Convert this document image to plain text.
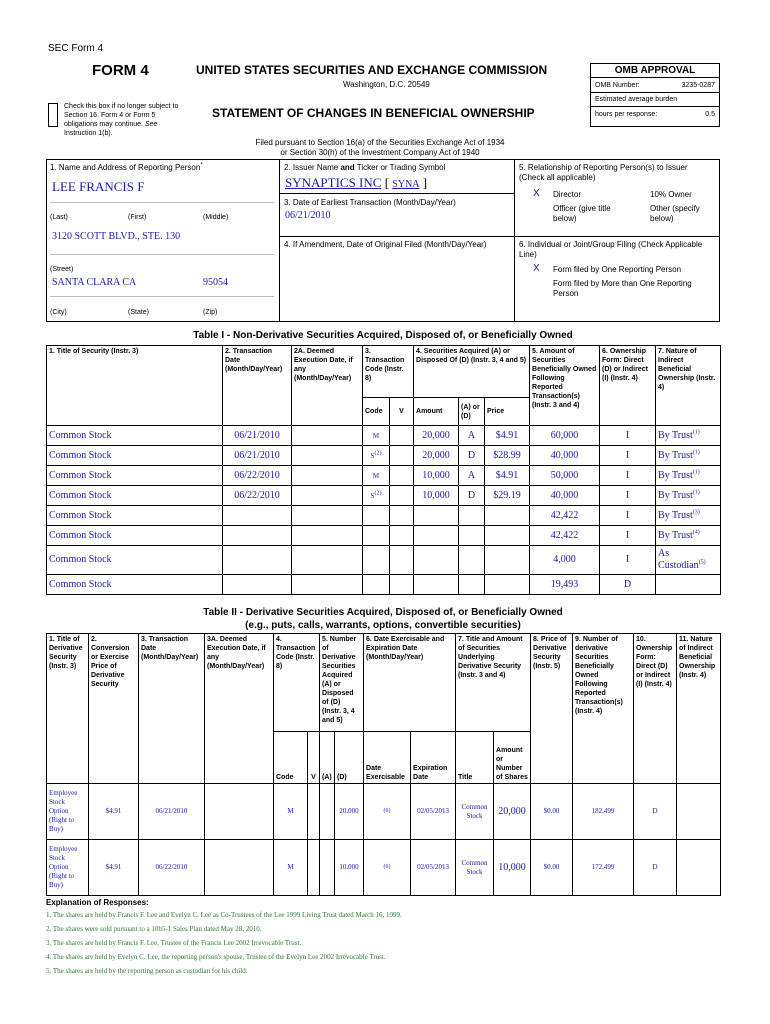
SEC Form 4
FORM 4	UNITED STATES SECURITIES AND EXCHANGE COMMISSION
Washington, D.C. 20549
Check this box if no longer subject to Section 16. Form 4 or Form 5 obligations may continue. See
Instruction 1(b).
STATEMENT OF CHANGES IN BENEFICIAL OWNERSHIP
Filed pursuant to Section 16(a) of the Securities Exchange Act of 1934
or Section 30(h) of the Investment Company Act of 1940
OMB APPROVAL
OMB Number:	3235-0287
Estimated average burden
hours per response:	0.5
1. Name and Address of Reporting Person*
LEE FRANCIS F
(Last)	(First)	(Middle)
3120 SCOTT BLVD., STE. 130
(Street)
SANTA CLARA CA	95054
(City)	(State)	(Zip)
2. Issuer Name and Ticker or Trading Symbol
SYNAPTICS INC [ SYNA ]
3. Date of Earliest Transaction (Month/Day/Year)
06/21/2010
4. If Amendment, Date of Original Filed (Month/Day/Year)
5. Relationship of Reporting Person(s) to Issuer
(Check all applicable)
X Director	10% Owner
Officer (give title below)
Other (specify below)
6. Individual or Joint/Group Filing (Check Applicable Line)
X Form filed by One Reporting Person
Form filed by More than One Reporting Person
Table I - Non-Derivative Securities Acquired, Disposed of, or Beneficially Owned
1. Title of Security (Instr. 3)	2. Transaction Date (Month/Day/Year)	2A. Deemed Execution Date, if any (Month/Day/Year)	3. Transaction Code (Instr. 8)		4. Securities Acquired (A) or Disposed Of (D) (Instr. 3, 4 and 5)			5. Amount of Securities Beneficially Owned Following Reported Transaction(s) (Instr. 3 and 4)	6. Ownership Form: Direct (D) or Indirect (I) (Instr. 4)	7. Nature of Indirect Beneficial Ownership (Instr. 4)
			Code	V	Amount	(A) or (D)	Price			
Common Stock	06/21/2010		M		20,000	A	$4.91	60,000	I	By Trust$^{(1)}$
Common Stock	06/21/2010		S(2)		20,000	D	$28.99	40,000	I	By Trust$^{(1)}$
Common Stock	06/22/2010		M		10,000	A	$4.91	50,000	I	By Trust$^{(1)}$
Common Stock	06/22/2010		S(2)		10,000	D	$29.19	40,000	I	By Trust$^{(1)}$
Common Stock								42,422	I	By Trust$^{(3)}$
Common Stock								42,422	I	By Trust$^{(4)}$
Common Stock								4,000	I	As Custodian$^{(5)}$
Common Stock								19,493	D	
Table II - Derivative Securities Acquired, Disposed of, or Beneficially Owned
(e.g., puts, calls, warrants, options, convertible securities)
1. Title of Derivative Security (Instr. 3)	2. Conversion or Exercise Price of Derivative Security	3. Transaction Date (Month/Day/Year)	3A. Deemed Execution Date, if any (Month/Day/Year)	4. Transaction Code (Instr. 8)		5. Number of Derivative Securities Acquired (A) or Disposed of (D) (Instr. 3, 4 and 5)		6. Date Exercisable and Expiration Date (Month/Day/Year)		7. Title and Amount of Securities Underlying Derivative Security (Instr. 3 and 4)		8. Price of Derivative Security (Instr. 5)	9. Number of derivative Securities Beneficially Owned Following Reported Transaction(s) (Instr. 4)	10. Ownership Form: Direct (D) or Indirect (I) (Instr. 4)	11. Nature of Indirect Beneficial Ownership (Instr. 4)
				Code	V	(A)	(D)	Date Exercisable	Expiration Date	Title	Amount or Number of Shares				
Employee Stock Option (Right to Buy)	$4.91	06/21/2010		M			20,000	(6)	02/05/2013	Common Stock	20,000	$0.00	182,499	D	
Employee Stock Option (Right to Buy)	$4.91	06/22/2010		M			10,000	(6)	02/05/2013	Common Stock	10,000	$0.00	172,499	D	
Explanation of Responses:
1. The shares are held by Francis F. Lee and Evelyn C. Lee as Co-Trustees of the Lee 1999 Living Trust dated March 16, 1999.
2. The shares were sold pursuant to a 10b5-1 Sales Plan dated May 28, 2010.
3. The shares are held by Francis F. Lee, Trustee of the Francis Lee 2002 Irrevocable Trust.
4. The shares are held by Evelyn C. Lee, the reporting person's spouse, Trustee of the Evelyn Lee 2002 Irrevocable Trust.
5. The shares are held by the reporting person as custodian for his child.
